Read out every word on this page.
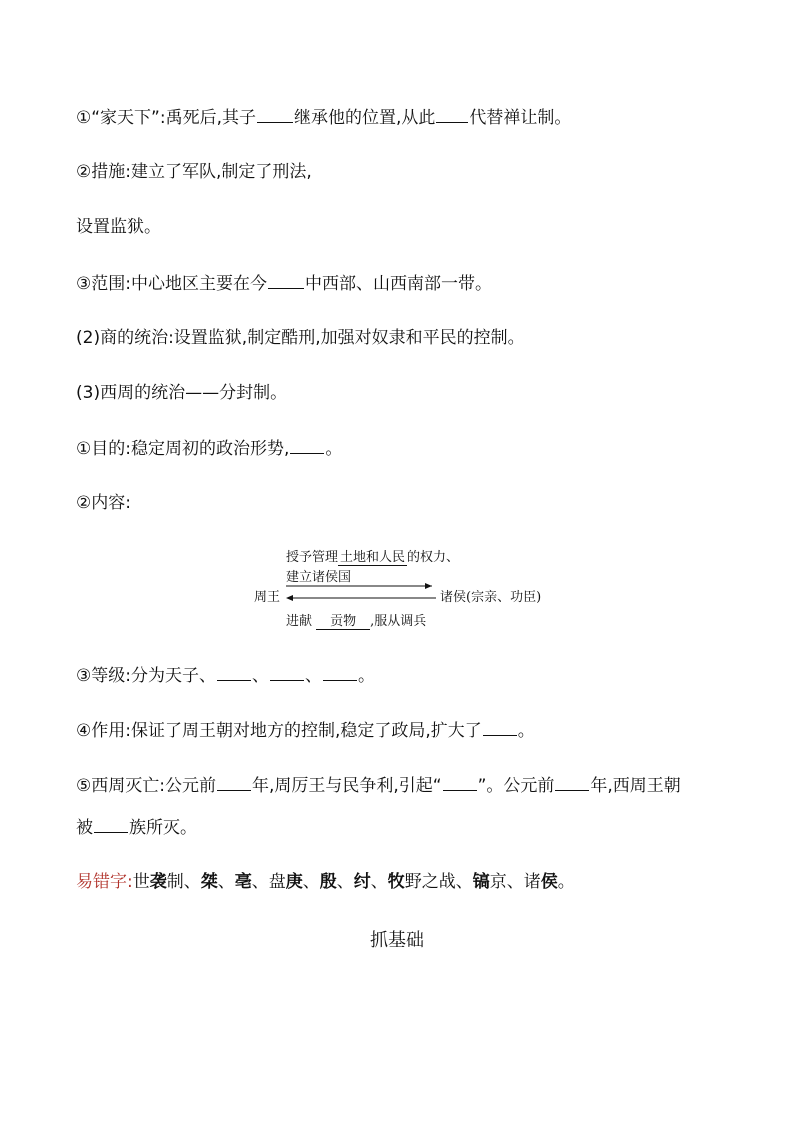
①“家天下”:禹死后,其子 继承他的位置,从此 代替禅让制。
②措施:建立了军队,制定了刑法,
设置监狱。
③范围:中心地区主要在今 中西部、山西南部一带。
(2)商的统治:设置监狱,制定酷刑,加强对奴隶和平民的控制。
(3)西周的统治——分封制。
①目的:稳定周初的政治形势, 。
②内容:
授予管理 土地和人民 的权力、
建立诸侯国
周王	诸侯(宗亲、功臣)
进献 贡物 ,服从调兵
③等级:分为天子、 、 、 。
④作用:保证了周王朝对地方的控制,稳定了政局,扩大了 。
⑤西周灭亡:公元前 年,周厉王与民争利,引起“ ”。公元前 年,西周王朝
被 族所灭。
易错字:世袭制、桀、亳、盘庚、殷、纣、牧野之战、镐京、诸侯。
抓基础
